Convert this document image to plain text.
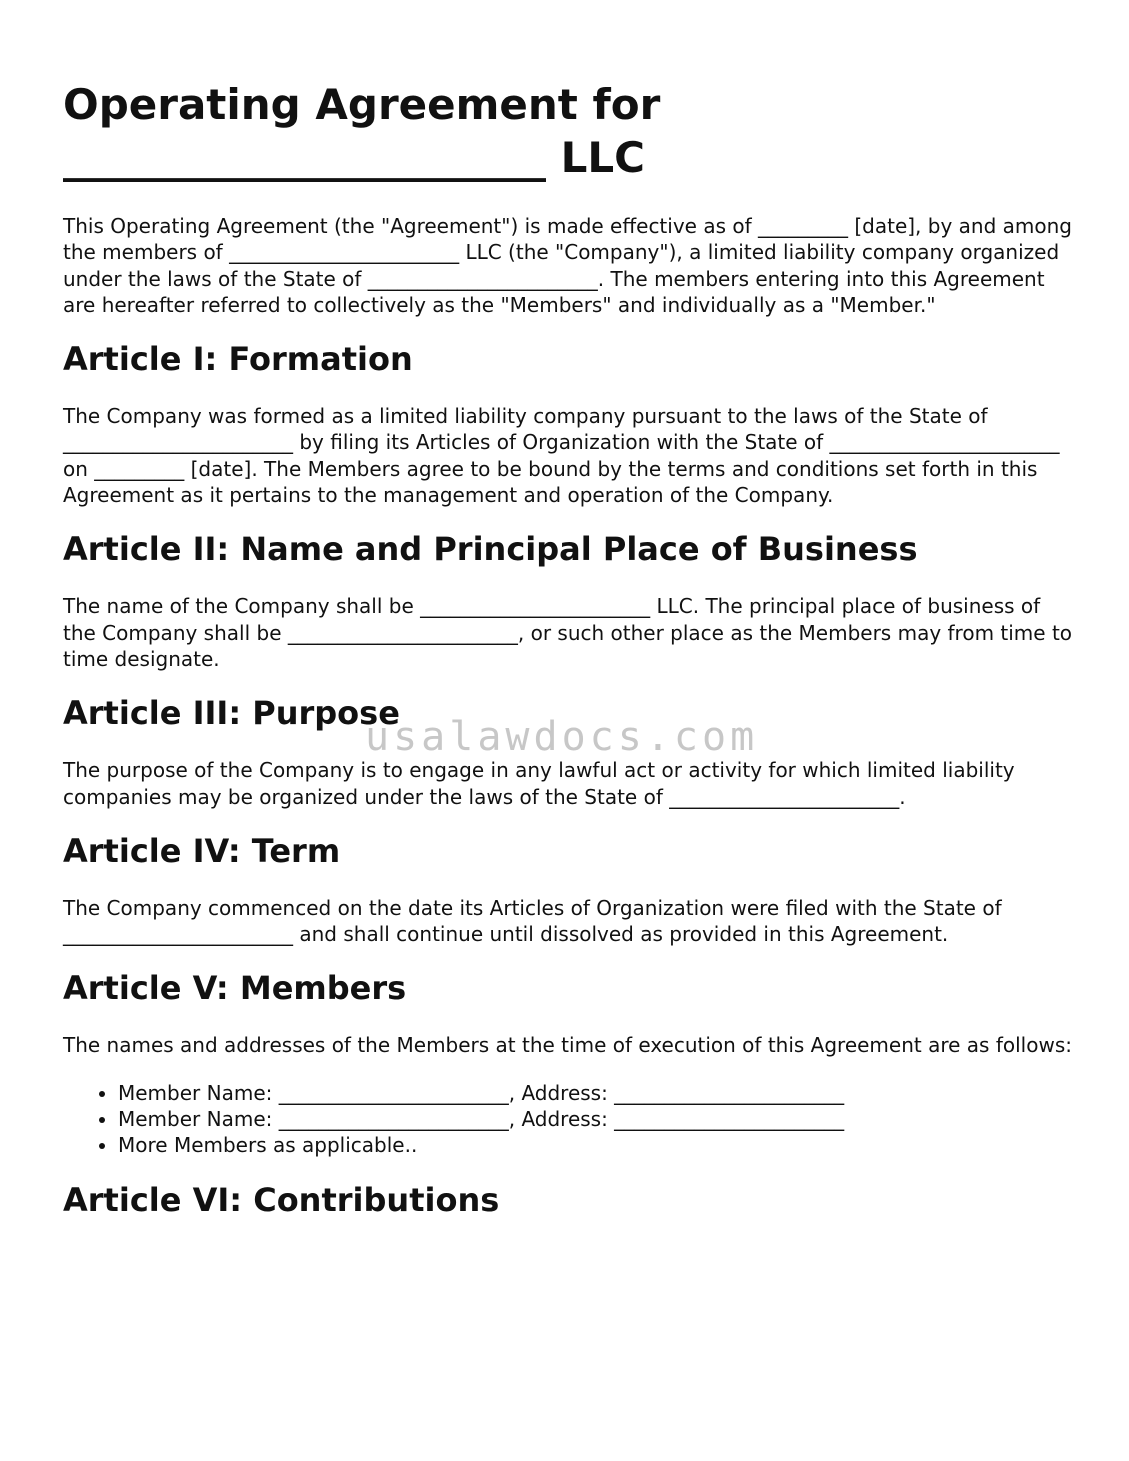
Operating Agreement for
_______________________ LLC

This Operating Agreement (the "Agreement") is made effective as of _________ [date], by and among the members of _______________________ LLC (the "Company"), a limited liability company organized under the laws of the State of _______________________. The members entering into this Agreement are hereafter referred to collectively as the "Members" and individually as a "Member."

Article I: Formation

The Company was formed as a limited liability company pursuant to the laws of the State of _______________________ by filing its Articles of Organization with the State of _______________________ on _________ [date]. The Members agree to be bound by the terms and conditions set forth in this Agreement as it pertains to the management and operation of the Company.

Article II: Name and Principal Place of Business

The name of the Company shall be _______________________ LLC. The principal place of business of the Company shall be _______________________, or such other place as the Members may from time to time designate.

Article III: Purpose

The purpose of the Company is to engage in any lawful act or activity for which limited liability companies may be organized under the laws of the State of _______________________.

Article IV: Term

The Company commenced on the date its Articles of Organization were filed with the State of _______________________ and shall continue until dissolved as provided in this Agreement.

Article V: Members

The names and addresses of the Members at the time of execution of this Agreement are as follows:

• Member Name: _______________________, Address: _______________________
• Member Name: _______________________, Address: _______________________
• More Members as applicable..
Article VI: Contributions
usalawdocs.com
